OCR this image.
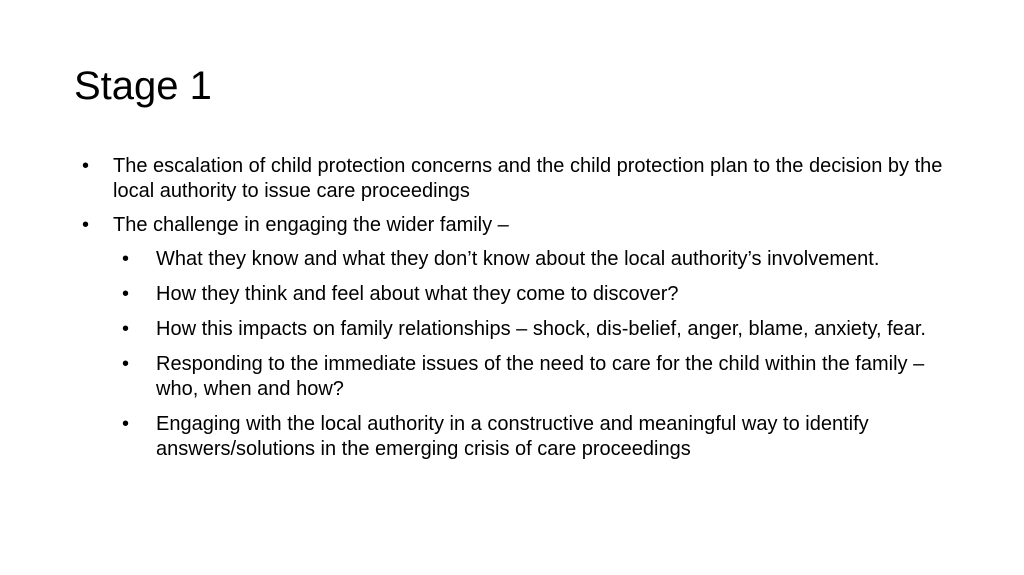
Stage 1
• The escalation of child protection concerns and the child protection plan to the decision by the local authority to issue care proceedings
• The challenge in engaging the wider family –
• What they know and what they don’t know about the local authority’s involvement.
• How they think and feel about what they come to discover?
• How this impacts on family relationships – shock, dis-belief, anger, blame, anxiety, fear.
• Responding to the immediate issues of the need to care for the child within the family – who, when and how?
• Engaging with the local authority in a constructive and meaningful way to identify answers/solutions in the emerging crisis of care proceedings
